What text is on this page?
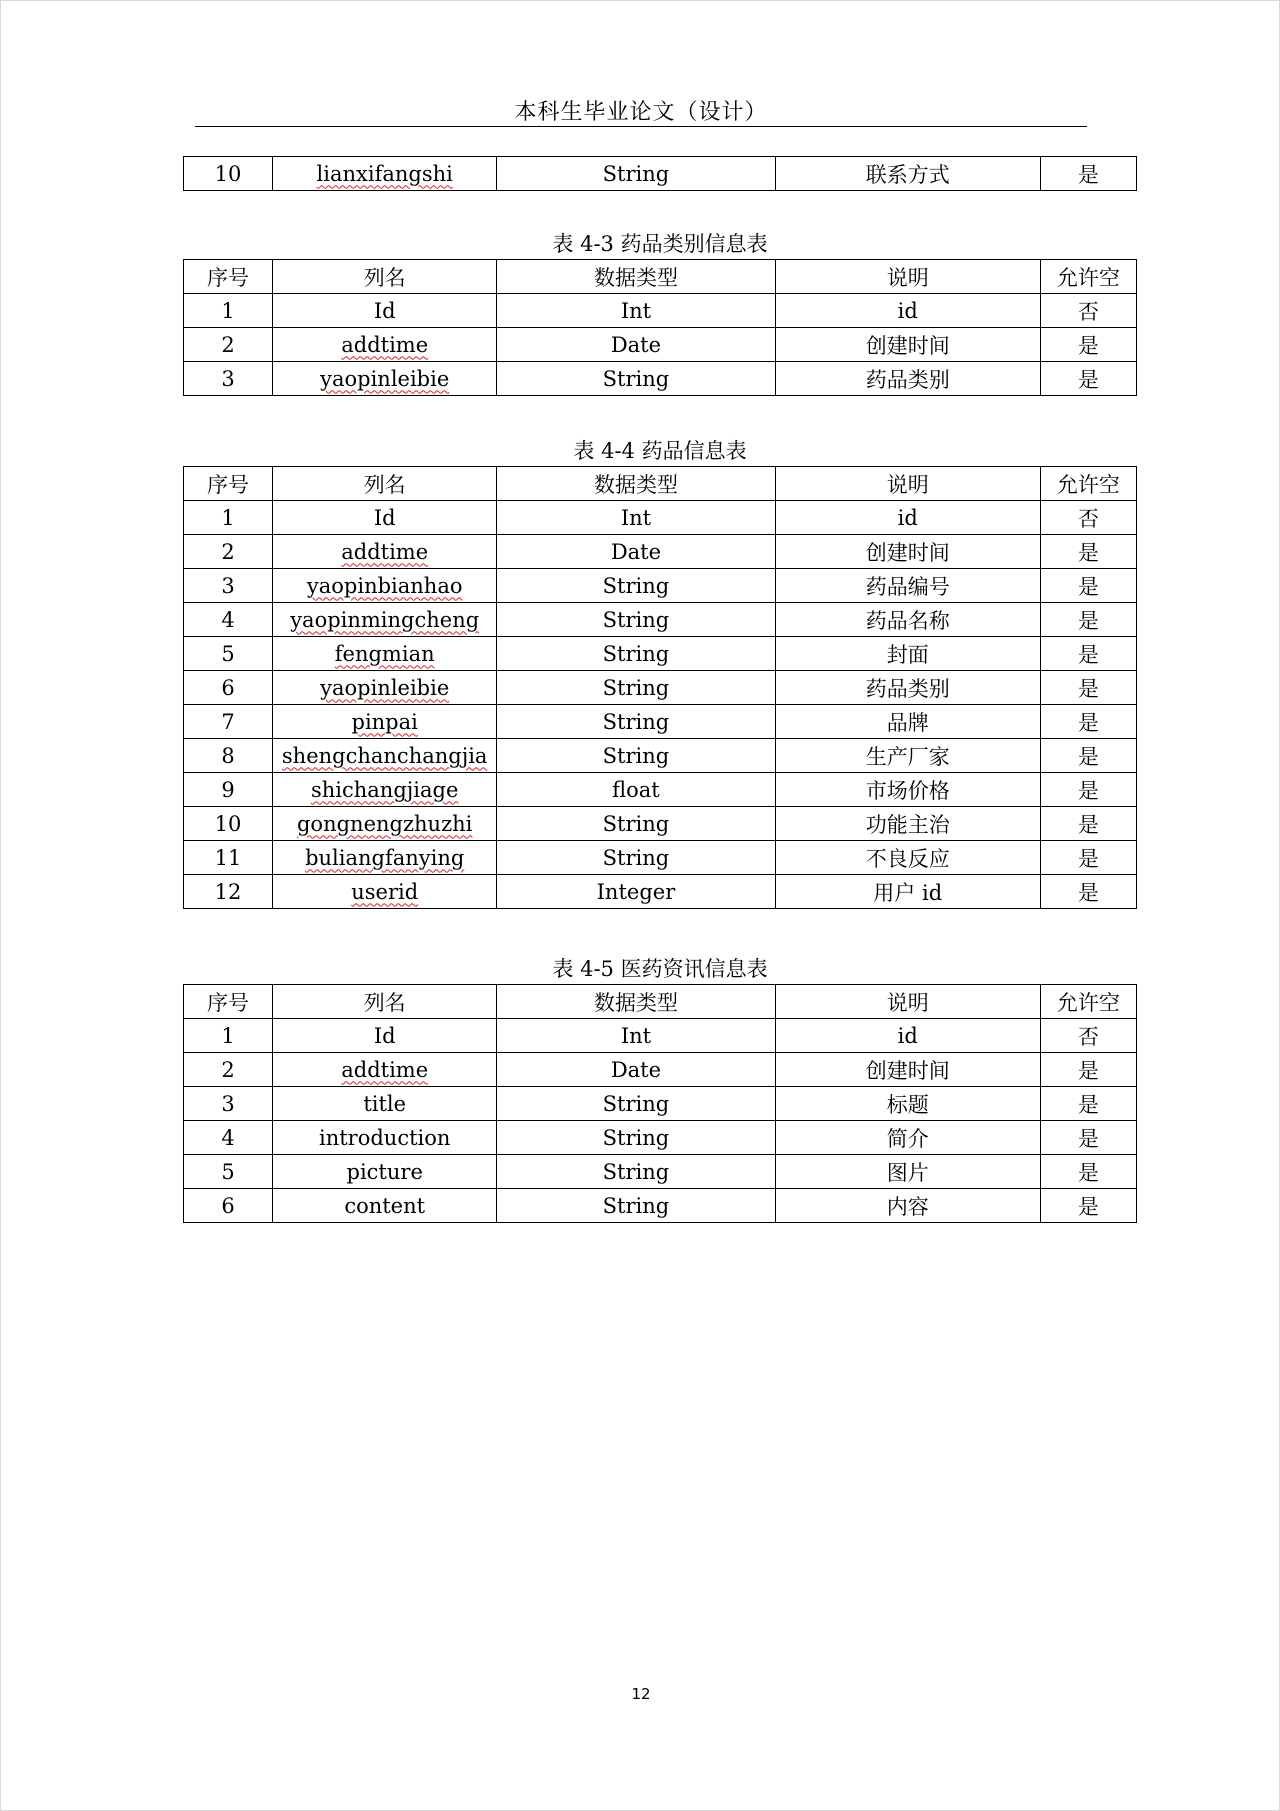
本科生毕业论文（设计）
10	lianxifangshi	String	联系方式	是
表 4-3 药品类别信息表
序号	列名	数据类型	说明	允许空
1	Id	Int	id	否
2	addtime	Date	创建时间	是
3	yaopinleibie	String	药品类别	是
表 4-4 药品信息表
序号	列名	数据类型	说明	允许空
1	Id	Int	id	否
2	addtime	Date	创建时间	是
3	yaopinbianhao	String	药品编号	是
4	yaopinmingcheng	String	药品名称	是
5	fengmian	String	封面	是
6	yaopinleibie	String	药品类别	是
7	pinpai	String	品牌	是
8	shengchanchangjia	String	生产厂家	是
9	shichangjiage	float	市场价格	是
10	gongnengzhuzhi	String	功能主治	是
11	buliangfanying	String	不良反应	是
12	userid	Integer	用户 id	是
表 4-5 医药资讯信息表
序号	列名	数据类型	说明	允许空
1	Id	Int	id	否
2	addtime	Date	创建时间	是
3	title	String	标题	是
4	introduction	String	简介	是
5	picture	String	图片	是
6	content	String	内容	是
12
